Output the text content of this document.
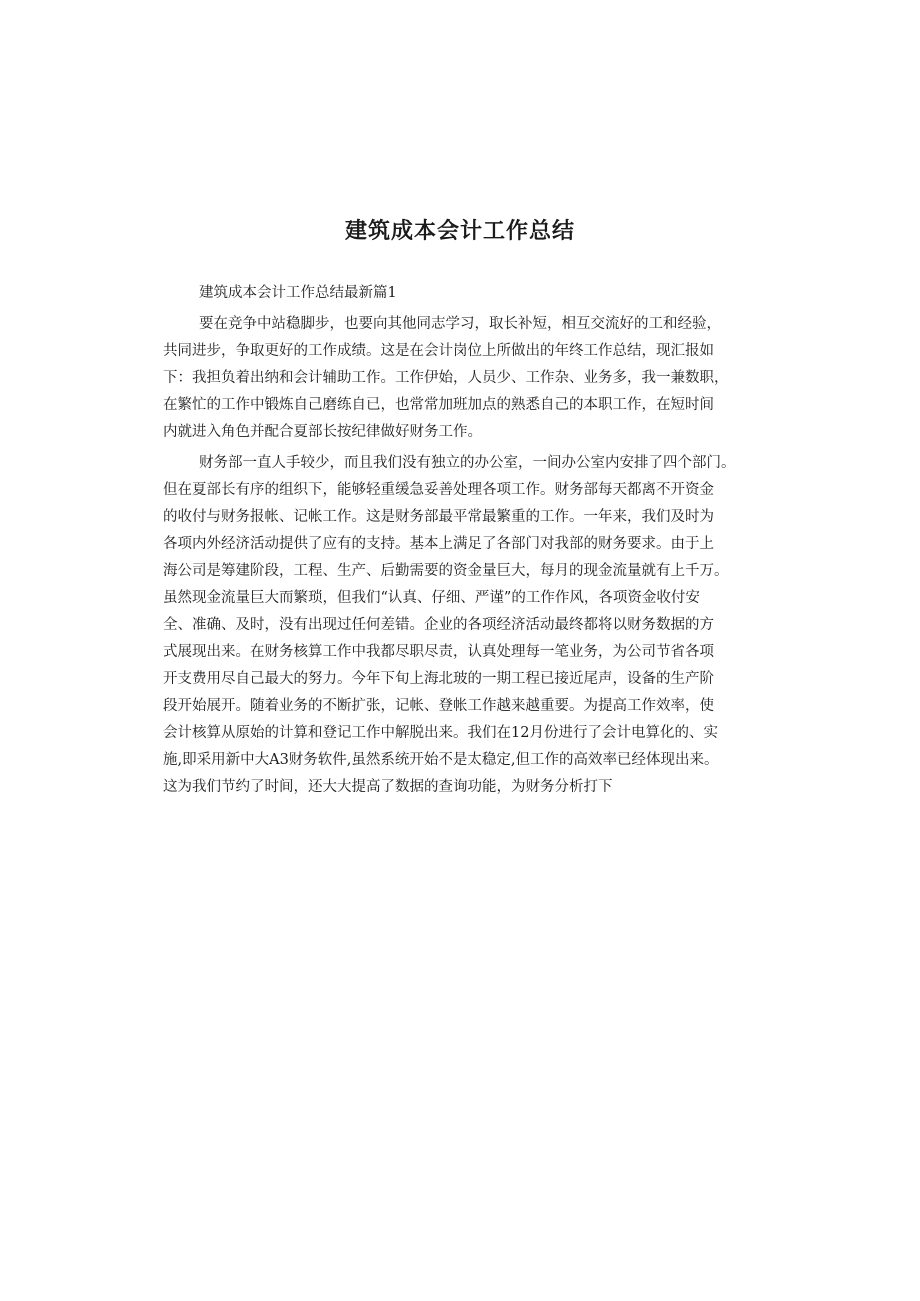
建筑成本会计工作总结
建筑成本会计工作总结最新篇1
要在竞争中站稳脚步，也要向其他同志学习，取长补短，相互交流好的工和经验，
共同进步，争取更好的工作成绩。这是在会计岗位上所做出的年终工作总结，现汇报如
下：我担负着出纳和会计辅助工作。工作伊始，人员少、工作杂、业务多，我一兼数职，
在繁忙的工作中锻炼自己磨练自已，也常常加班加点的熟悉自己的本职工作，在短时间
内就进入角色并配合夏部长按纪律做好财务工作。
财务部一直人手较少，而且我们没有独立的办公室，一间办公室内安排了四个部门。
但在夏部长有序的组织下，能够轻重缓急妥善处理各项工作。财务部每天都离不开资金
的收付与财务报帐、记帐工作。这是财务部最平常最繁重的工作。一年来，我们及时为
各项内外经济活动提供了应有的支持。基本上满足了各部门对我部的财务要求。由于上
海公司是筹建阶段，工程、生产、后勤需要的资金量巨大，每月的现金流量就有上千万。
虽然现金流量巨大而繁琐，但我们“认真、仔细、严谨”的工作作风，各项资金收付安
全、准确、及时，没有出现过任何差错。企业的各项经济活动最终都将以财务数据的方
式展现出来。在财务核算工作中我都尽职尽责，认真处理每一笔业务，为公司节省各项
开支费用尽自己最大的努力。今年下旬上海北玻的一期工程已接近尾声，设备的生产阶
段开始展开。随着业务的不断扩张，记帐、登帐工作越来越重要。为提高工作效率，使
会计核算从原始的计算和登记工作中解脱出来。我们在12月份进行了会计电算化的、实
施,即采用新中大A3财务软件,虽然系统开始不是太稳定,但工作的高效率已经体现出来。
这为我们节约了时间，还大大提高了数据的查询功能，为财务分析打下
